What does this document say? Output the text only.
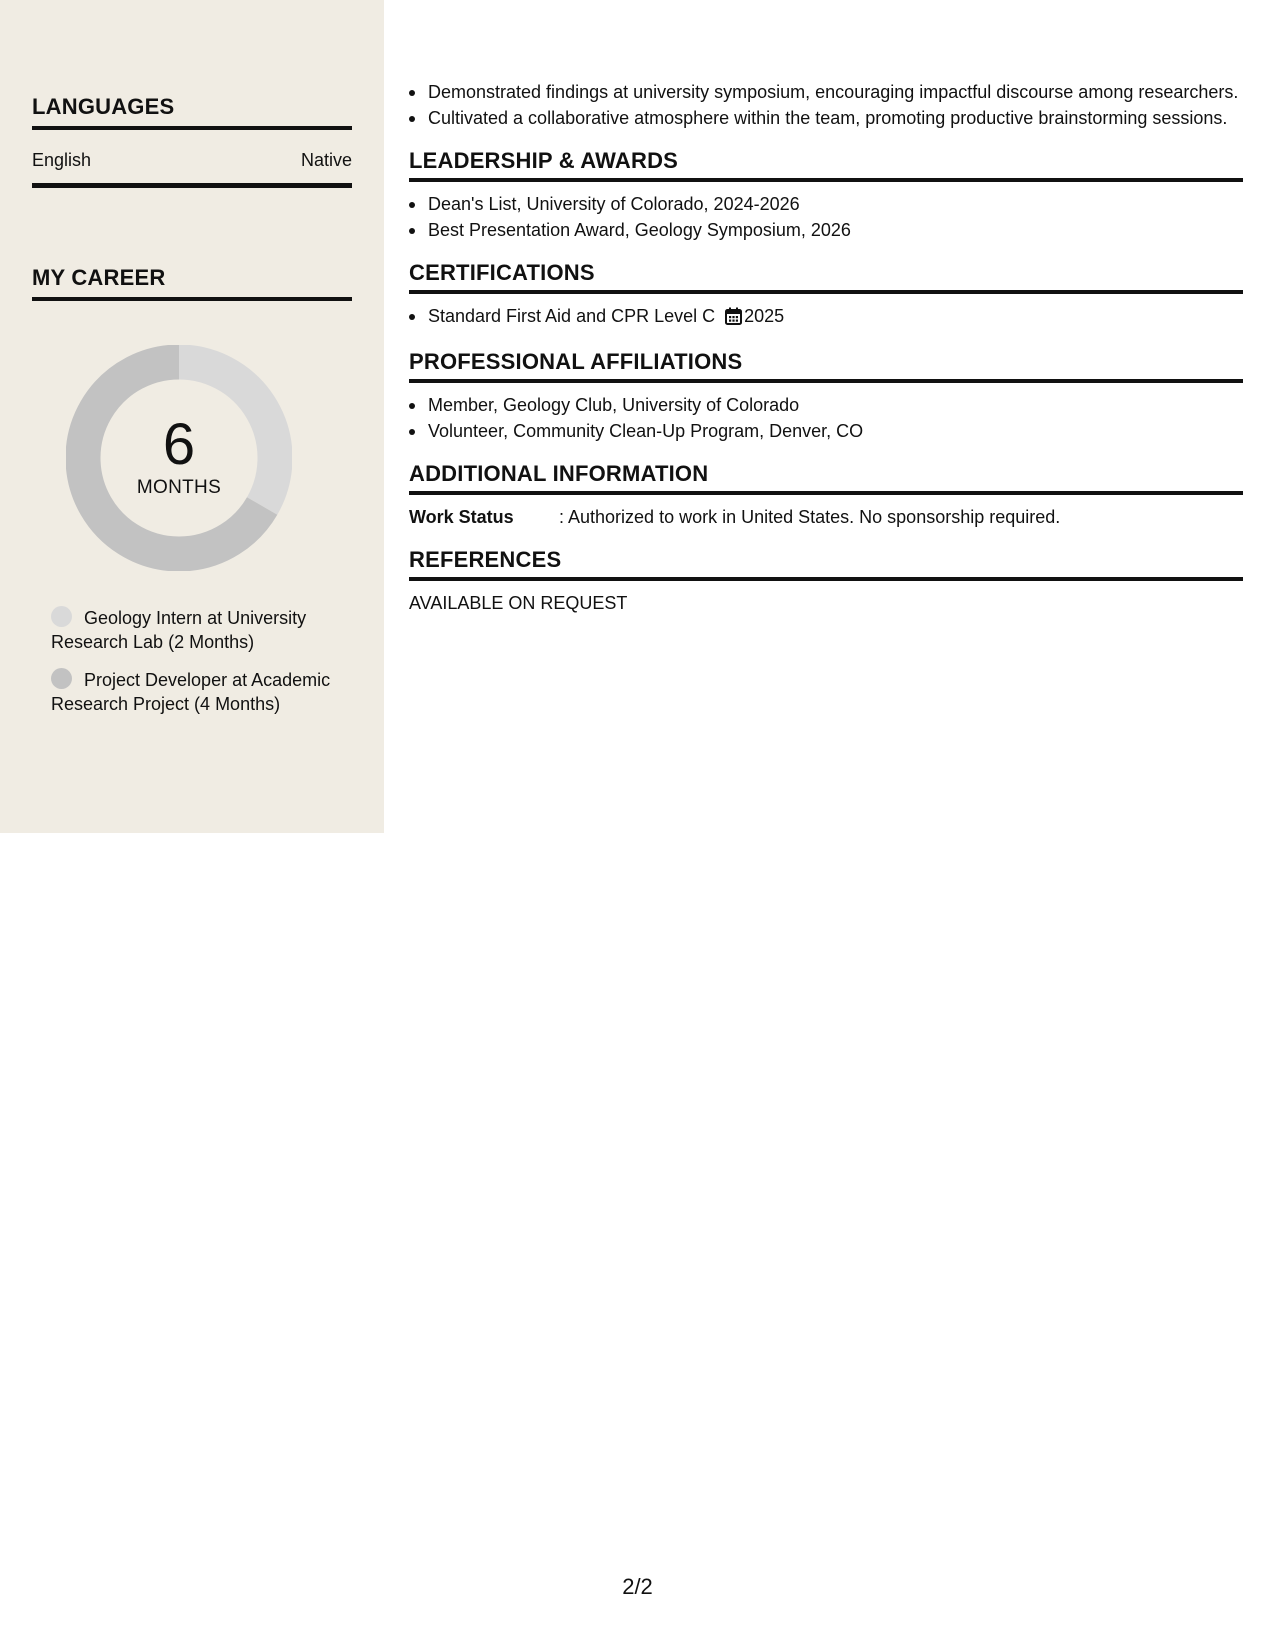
LANGUAGES
English	Native
MY CAREER
6
MONTHS
Geology Intern at University Research Lab (2 Months)
Project Developer at Academic Research Project (4 Months)
Demonstrated findings at university symposium, encouraging impactful discourse among researchers.
Cultivated a collaborative atmosphere within the team, promoting productive brainstorming sessions.
LEADERSHIP & AWARDS
Dean's List, University of Colorado, 2024-2026
Best Presentation Award, Geology Symposium, 2026
CERTIFICATIONS
Standard First Aid and CPR Level C 2025
PROFESSIONAL AFFILIATIONS
Member, Geology Club, University of Colorado
Volunteer, Community Clean-Up Program, Denver, CO
ADDITIONAL INFORMATION
Work Status	: Authorized to work in United States. No sponsorship required.
REFERENCES
AVAILABLE ON REQUEST
2/2
